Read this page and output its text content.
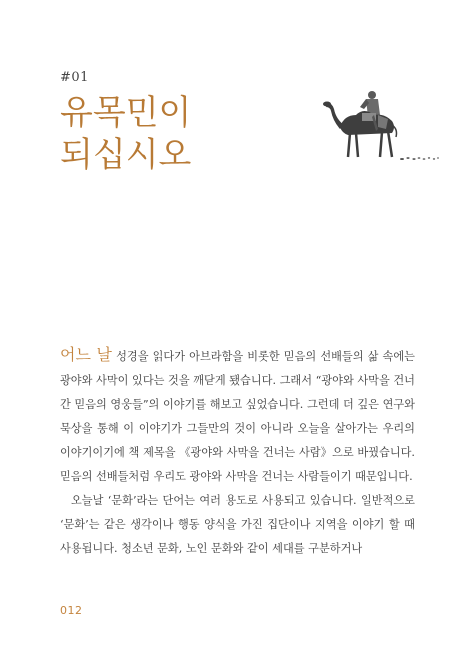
#01
유목민이
되십시오

어느 날 성경을 읽다가 아브라함을 비롯한 믿음의 선배들의 삶 속에는 광야와 사막이 있다는 것을 깨닫게 됐습니다. 그래서 “광야와 사막을 건너간 믿음의 영웅들”의 이야기를 해보고 싶었습니다. 그런데 더 깊은 연구와 묵상을 통해 이 이야기가 그들만의 것이 아니라 오늘을 살아가는 우리의 이야기이기에 책 제목을 《광야와 사막을 건너는 사람》으로 바꿨습니다. 믿음의 선배들처럼 우리도 광야와 사막을 건너는 사람들이기 때문입니다.

오늘날 ‘문화’라는 단어는 여러 용도로 사용되고 있습니다. 일반적으로 ‘문화’는 같은 생각이나 행동 양식을 가진 집단이나 지역을 이야기 할 때 사용됩니다. 청소년 문화, 노인 문화와 같이 세대를 구분하거나

012
